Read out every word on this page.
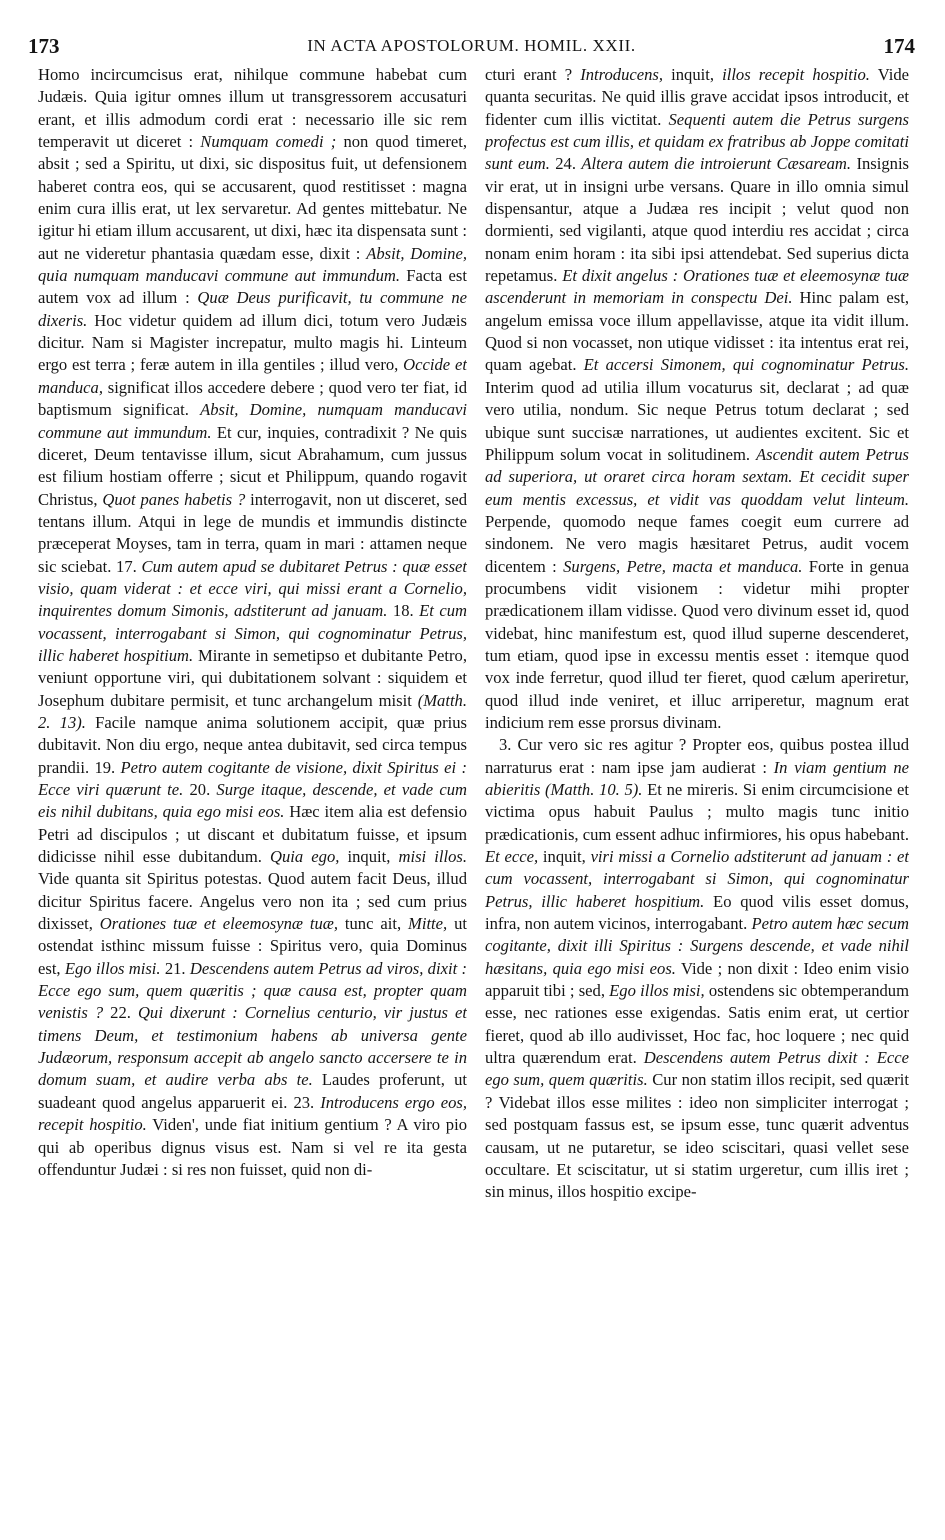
173	IN ACTA APOSTOLORUM. HOMIL. XXII.	174

Homo incircumcisus erat, nihilque commune habebat cum Judæis. Quia igitur omnes illum ut transgressorem accusaturi erant, et illis admodum cordi erat : necessario ille sic rem temperavit ut diceret : Numquam comedi ; non quod timeret, absit ; sed a Spiritu, ut dixi, sic dispositus fuit, ut defensionem haberet contra eos, qui se accusarent, quod restitisset : magna enim cura illis erat, ut lex servaretur. Ad gentes mittebatur. Ne igitur hi etiam illum accusarent, ut dixi, hæc ita dispensata sunt : aut ne videretur phantasia quædam esse, dixit : Absit, Domine, quia numquam manducavi commune aut immundum. Facta est autem vox ad illum : Quæ Deus purificavit, tu commune ne dixeris. Hoc videtur quidem ad illum dici, totum vero Judæis dicitur. Nam si Magister increpatur, multo magis hi. Linteum ergo est terra ; feræ autem in illa gentiles ; illud vero, Occide et manduca, significat illos accedere debere ; quod vero ter fiat, id baptismum significat. Absit, Domine, numquam manducavi commune aut immundum. Et cur, inquies, contradixit ? Ne quis diceret, Deum tentavisse illum, sicut Abrahamum, cum jussus est filium hostiam offerre ; sicut et Philippum, quando rogavit Christus, Quot panes habetis ? interrogavit, non ut disceret, sed tentans illum. Atqui in lege de mundis et immundis distincte præceperat Moyses, tam in terra, quam in mari : attamen neque sic sciebat. 17. Cum autem apud se dubitaret Petrus : quæ esset visio, quam viderat : et ecce viri, qui missi erant a Cornelio, inquirentes domum Simonis, adstiterunt ad januam. 18. Et cum vocassent, interrogabant si Simon, qui cognominatur Petrus, illic haberet hospitium. Mirante in semetipso et dubitante Petro, veniunt opportune viri, qui dubitationem solvant : siquidem et Josephum dubitare permisit, et tunc archangelum misit (Matth. 2. 13). Facile namque anima solutionem accipit, quæ prius dubitavit. Non diu ergo, neque antea dubitavit, sed circa tempus prandii. 19. Petro autem cogitante de visione, dixit Spiritus ei : Ecce viri quærunt te. 20. Surge itaque, descende, et vade cum eis nihil dubitans, quia ego misi eos. Hæc item alia est defensio Petri ad discipulos ; ut discant et dubitatum fuisse, et ipsum didicisse nihil esse dubitandum. Quia ego, inquit, misi illos. Vide quanta sit Spiritus potestas. Quod autem facit Deus, illud dicitur Spiritus facere. Angelus vero non ita ; sed cum prius dixisset, Orationes tuæ et eleemosynæ tuæ, tunc ait, Mitte, ut ostendat isthinc missum fuisse : Spiritus vero, quia Dominus est, Ego illos misi. 21. Descendens autem Petrus ad viros, dixit : Ecce ego sum, quem quæritis ; quæ causa est, propter quam venistis ? 22. Qui dixerunt : Cornelius centurio, vir justus et timens Deum, et testimonium habens ab universa gente Judæorum, responsum accepit ab angelo sancto accersere te in domum suam, et audire verba abs te. Laudes proferunt, ut suadeant quod angelus apparuerit ei. 23. Introducens ergo eos, recepit hospitio. Viden', unde fiat initium gentium ? A viro pio qui ab operibus dignus visus est. Nam si vel re ita gesta offenduntur Judæi : si res non fuisset, quid non di-

cturi erant ? Introducens, inquit, illos recepit hospitio. Vide quanta securitas. Ne quid illis grave accidat ipsos introducit, et fidenter cum illis victitat. Sequenti autem die Petrus surgens profectus est cum illis, et quidam ex fratribus ab Joppe comitati sunt eum. 24. Altera autem die introierunt Cæsaream. Insignis vir erat, ut in insigni urbe versans. Quare in illo omnia simul dispensantur, atque a Judæa res incipit ; velut quod non dormienti, sed vigilanti, atque quod interdiu res accidat ; circa nonam enim horam : ita sibi ipsi attendebat. Sed superius dicta repetamus. Et dixit angelus : Orationes tuæ et eleemosynæ tuæ ascenderunt in memoriam in conspectu Dei. Hinc palam est, angelum emissa voce illum appellavisse, atque ita vidit illum. Quod si non vocasset, non utique vidisset : ita intentus erat rei, quam agebat. Et accersi Simonem, qui cognominatur Petrus. Interim quod ad utilia illum vocaturus sit, declarat ; ad quæ vero utilia, nondum. Sic neque Petrus totum declarat ; sed ubique sunt succisæ narrationes, ut audientes excitent. Sic et Philippum solum vocat in solitudinem. Ascendit autem Petrus ad superiora, ut oraret circa horam sextam. Et cecidit super eum mentis excessus, et vidit vas quoddam velut linteum. Perpende, quomodo neque fames coegit eum currere ad sindonem. Ne vero magis hæsitaret Petrus, audit vocem dicentem : Surgens, Petre, macta et manduca. Forte in genua procumbens vidit visionem : videtur mihi propter prædicationem illam vidisse. Quod vero divinum esset id, quod videbat, hinc manifestum est, quod illud superne descenderet, tum etiam, quod ipse in excessu mentis esset : itemque quod vox inde ferretur, quod illud ter fieret, quod cælum aperiretur, quod illud inde veniret, et illuc arriperetur, magnum erat indicium rem esse prorsus divinam.

3. Cur vero sic res agitur ? Propter eos, quibus postea illud narraturus erat : nam ipse jam audierat : In viam gentium ne abieritis (Matth. 10. 5). Et ne mireris. Si enim circumcisione et victima opus habuit Paulus ; multo magis tunc initio prædicationis, cum essent adhuc infirmiores, his opus habebant. Et ecce, inquit, viri missi a Cornelio adstiterunt ad januam : et cum vocassent, interrogabant si Simon, qui cognominatur Petrus, illic haberet hospitium. Eo quod vilis esset domus, infra, non autem vicinos, interrogabant. Petro autem hæc secum cogitante, dixit illi Spiritus : Surgens descende, et vade nihil hæsitans, quia ego misi eos. Vide ; non dixit : Ideo enim visio apparuit tibi ; sed, Ego illos misi, ostendens sic obtemperandum esse, nec rationes esse exigendas. Satis enim erat, ut certior fieret, quod ab illo audivisset, Hoc fac, hoc loquere ; nec quid ultra quærendum erat. Descendens autem Petrus dixit : Ecce ego sum, quem quæritis. Cur non statim illos recipit, sed quærit ? Videbat illos esse milites : ideo non simpliciter interrogat ; sed postquam fassus est, se ipsum esse, tunc quærit adventus causam, ut ne putaretur, se ideo sciscitari, quasi vellet sese occultare. Et sciscitatur, ut si statim urgeretur, cum illis iret ; sin minus, illos hospitio excipe-
